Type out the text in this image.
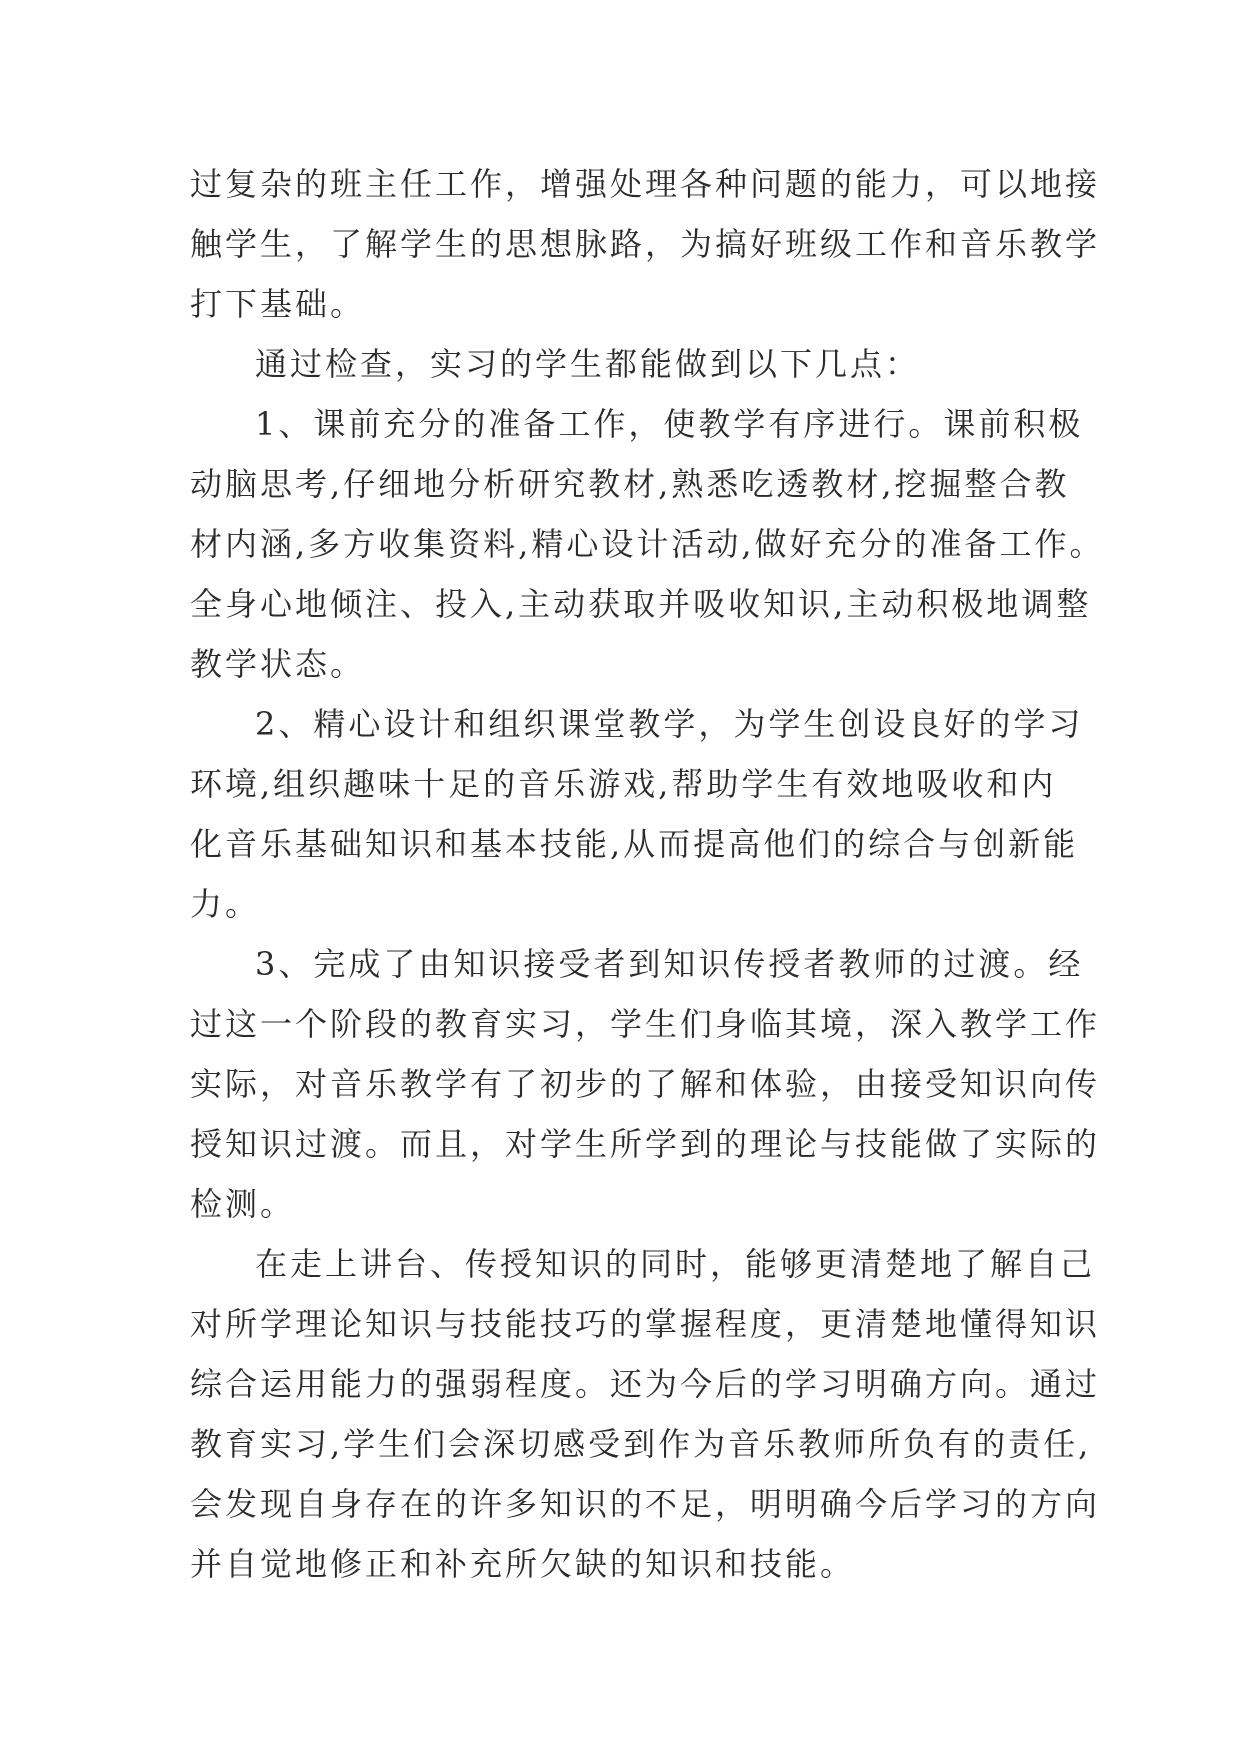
过复杂的班主任工作，增强处理各种问题的能力，可以地接
触学生，了解学生的思想脉路，为搞好班级工作和音乐教学
打下基础。
通过检查，实习的学生都能做到以下几点：
1、课前充分的准备工作，使教学有序进行。课前积极
动脑思考,仔细地分析研究教材,熟悉吃透教材,挖掘整合教
材内涵,多方收集资料,精心设计活动,做好充分的准备工作。
全身心地倾注、投入,主动获取并吸收知识,主动积极地调整
教学状态。
2、精心设计和组织课堂教学，为学生创设良好的学习
环境,组织趣味十足的音乐游戏,帮助学生有效地吸收和内
化音乐基础知识和基本技能,从而提高他们的综合与创新能
力。
3、完成了由知识接受者到知识传授者教师的过渡。经
过这一个阶段的教育实习，学生们身临其境，深入教学工作
实际，对音乐教学有了初步的了解和体验，由接受知识向传
授知识过渡。而且，对学生所学到的理论与技能做了实际的
检测。
在走上讲台、传授知识的同时，能够更清楚地了解自己
对所学理论知识与技能技巧的掌握程度，更清楚地懂得知识
综合运用能力的强弱程度。还为今后的学习明确方向。通过
教育实习,学生们会深切感受到作为音乐教师所负有的责任,
会发现自身存在的许多知识的不足，明明确今后学习的方向
并自觉地修正和补充所欠缺的知识和技能。
